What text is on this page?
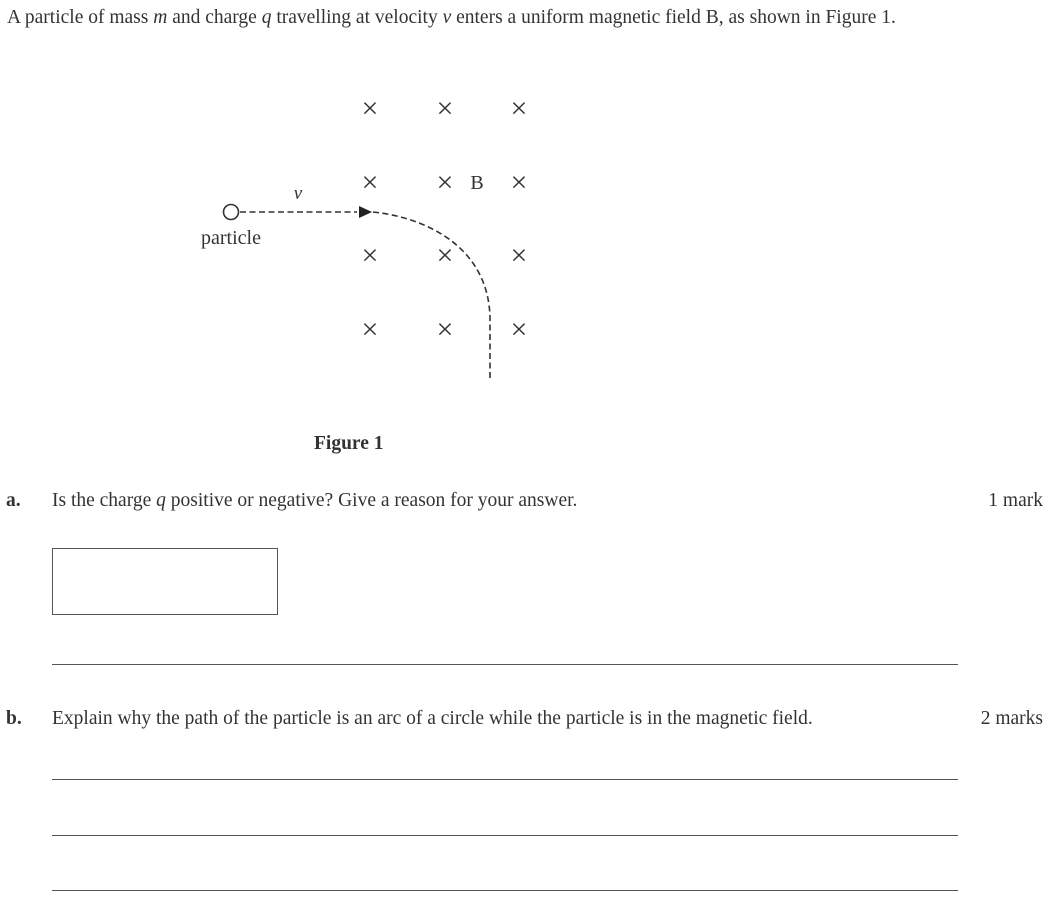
A particle of mass m and charge q travelling at velocity v enters a uniform magnetic field B, as shown in Figure 1.
× × ×
× × ×
× × ×
× × ×
B
v
particle
Figure 1
a. Is the charge q positive or negative? Give a reason for your answer.	1 mark
b. Explain why the path of the particle is an arc of a circle while the particle is in the magnetic field.	2 marks
